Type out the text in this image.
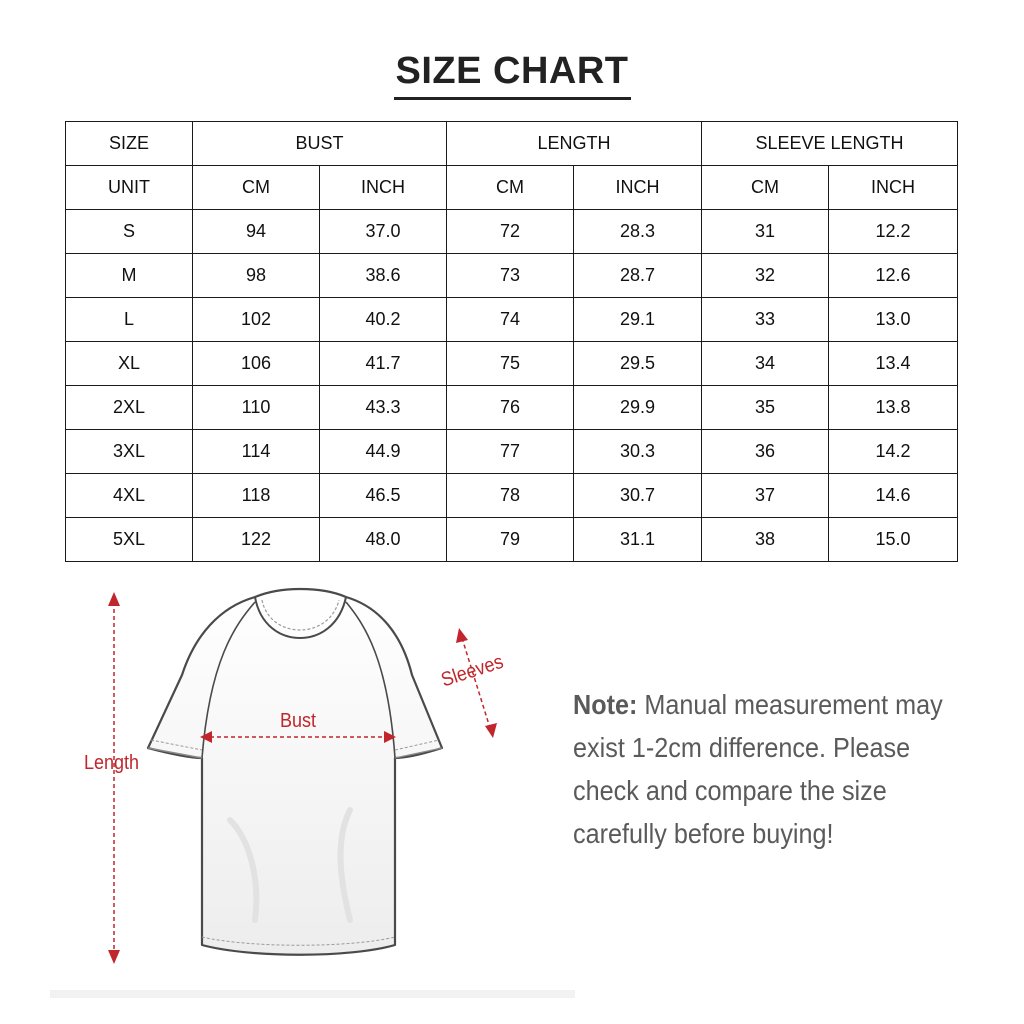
SIZE CHART
SIZE	BUST		LENGTH		SLEEVE LENGTH	
UNIT	CM	INCH	CM	INCH	CM	INCH
S	94	37.0	72	28.3	31	12.2
M	98	38.6	73	28.7	32	12.6
L	102	40.2	74	29.1	33	13.0
XL	106	41.7	75	29.5	34	13.4
2XL	110	43.3	76	29.9	35	13.8
3XL	114	44.9	77	30.3	36	14.2
4XL	118	46.5	78	30.7	37	14.6
5XL	122	48.0	79	31.1	38	15.0
Length
Bust
Sleeves
Note: Manual measurement may exist 1-2cm difference. Please check and compare the size carefully before buying!
